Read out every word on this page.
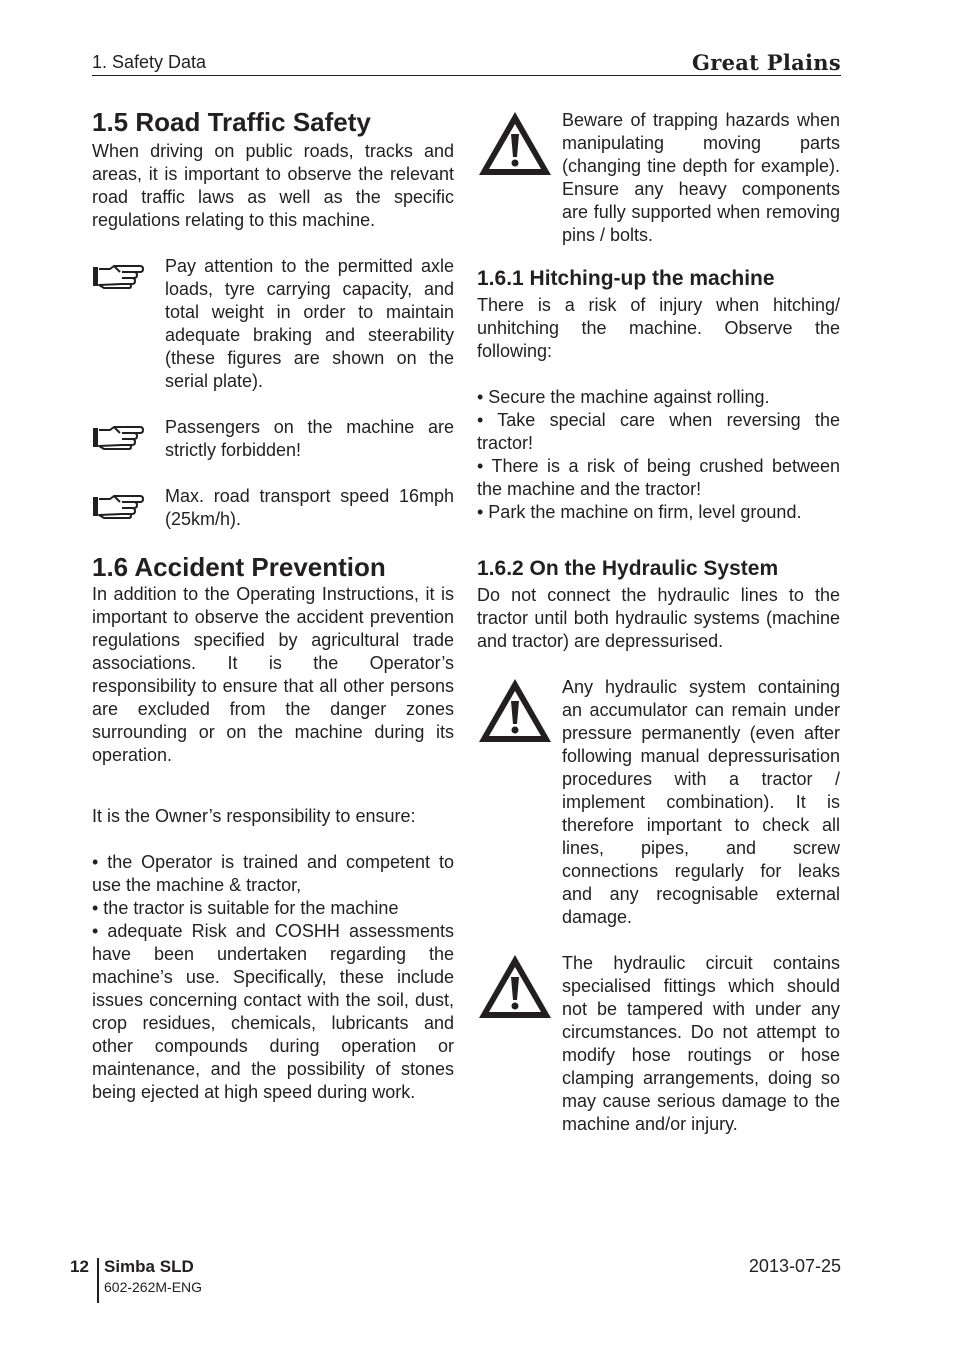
1. Safety Data	Great Plains
1.5 Road Traffic Safety

When driving on public roads, tracks and areas, it is important to observe the relevant road traffic laws as well as the specific regulations relating to this machine.

Pay attention to the permitted axle loads, tyre carrying capacity, and total weight in order to maintain adequate braking and steerability (these figures are shown on the serial plate).

Passengers on the machine are strictly forbidden!

Max. road transport speed 16mph (25km/h).

1.6 Accident Prevention

In addition to the Operating Instructions, it is important to observe the accident prevention regulations specified by agricultural trade associations. It is the Operator’s responsibility to ensure that all other persons are excluded from the danger zones surrounding or on the machine during its operation.

It is the Owner’s responsibility to ensure:

• the Operator is trained and competent to use the machine & tractor,

• the tractor is suitable for the machine

• adequate Risk and COSHH assessments have been undertaken regarding the machine’s use. Specifically, these include issues concerning contact with the soil, dust, crop residues, chemicals, lubricants and other compounds during operation or maintenance, and the possibility of stones being ejected at high speed during work.

Beware of trapping hazards when manipulating moving parts (changing tine depth for example). Ensure any heavy components are fully supported when removing pins / bolts.

1.6.1 Hitching-up the machine

There is a risk of injury when hitching/ unhitching the machine. Observe the following:

• Secure the machine against rolling.

• Take special care when reversing the tractor!

• There is a risk of being crushed between the machine and the tractor!

• Park the machine on firm, level ground.

1.6.2 On the Hydraulic System

Do not connect the hydraulic lines to the tractor until both hydraulic systems (machine and tractor) are depressurised.

Any hydraulic system containing an accumulator can remain under pressure permanently (even after following manual depressurisation procedures with a tractor / implement combination). It is therefore important to check all lines, pipes, and screw connections regularly for leaks and any recognisable external damage.

The hydraulic circuit contains specialised fittings which should not be tampered with under any circumstances. Do not attempt to modify hose routings or hose clamping arrangements, doing so may cause serious damage to the machine and/or injury.

12 Simba SLD
602-262M-ENG
2013-07-25
